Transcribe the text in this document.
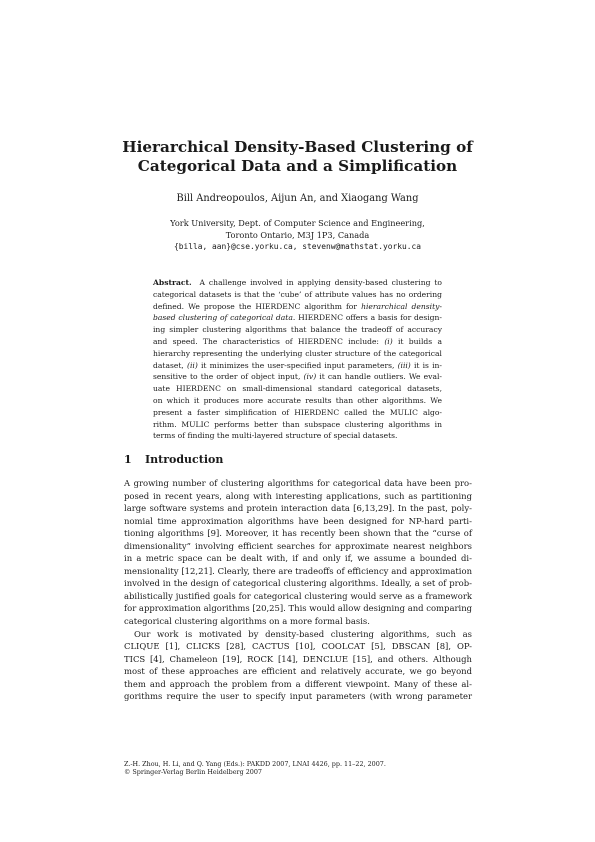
Hierarchical Density-Based Clustering of
Categorical Data and a Simplification
Bill Andreopoulos, Aijun An, and Xiaogang Wang
York University, Dept. of Computer Science and Engineering,
Toronto Ontario, M3J 1P3, Canada
{billa, aan}@cse.yorku.ca, stevenw@mathstat.yorku.ca
Abstract. A challenge involved in applying density-based clustering to
categorical datasets is that the ‘cube’ of attribute values has no ordering
defined. We propose the HIERDENC algorithm for hierarchical density-
based clustering of categorical data. HIERDENC offers a basis for design-
ing simpler clustering algorithms that balance the tradeoff of accuracy
and speed. The characteristics of HIERDENC include: (i) it builds a
hierarchy representing the underlying cluster structure of the categorical
dataset, (ii) it minimizes the user-specified input parameters, (iii) it is in-
sensitive to the order of object input, (iv) it can handle outliers. We eval-
uate HIERDENC on small-dimensional standard categorical datasets,
on which it produces more accurate results than other algorithms. We
present a faster simplification of HIERDENC called the MULIC algo-
rithm. MULIC performs better than subspace clustering algorithms in
terms of finding the multi-layered structure of special datasets.
1 Introduction
A growing number of clustering algorithms for categorical data have been pro-
posed in recent years, along with interesting applications, such as partitioning
large software systems and protein interaction data [6,13,29]. In the past, poly-
nomial time approximation algorithms have been designed for NP-hard parti-
tioning algorithms [9]. Moreover, it has recently been shown that the “curse of
dimensionality” involving efficient searches for approximate nearest neighbors
in a metric space can be dealt with, if and only if, we assume a bounded di-
mensionality [12,21]. Clearly, there are tradeoffs of efficiency and approximation
involved in the design of categorical clustering algorithms. Ideally, a set of prob-
abilistically justified goals for categorical clustering would serve as a framework
for approximation algorithms [20,25]. This would allow designing and comparing
categorical clustering algorithms on a more formal basis.
Our work is motivated by density-based clustering algorithms, such as
CLIQUE [1], CLICKS [28], CACTUS [10], COOLCAT [5], DBSCAN [8], OP-
TICS [4], Chameleon [19], ROCK [14], DENCLUE [15], and others. Although
most of these approaches are efficient and relatively accurate, we go beyond
them and approach the problem from a different viewpoint. Many of these al-
gorithms require the user to specify input parameters (with wrong parameter
Z.-H. Zhou, H. Li, and Q. Yang (Eds.): PAKDD 2007, LNAI 4426, pp. 11–22, 2007.
© Springer-Verlag Berlin Heidelberg 2007
